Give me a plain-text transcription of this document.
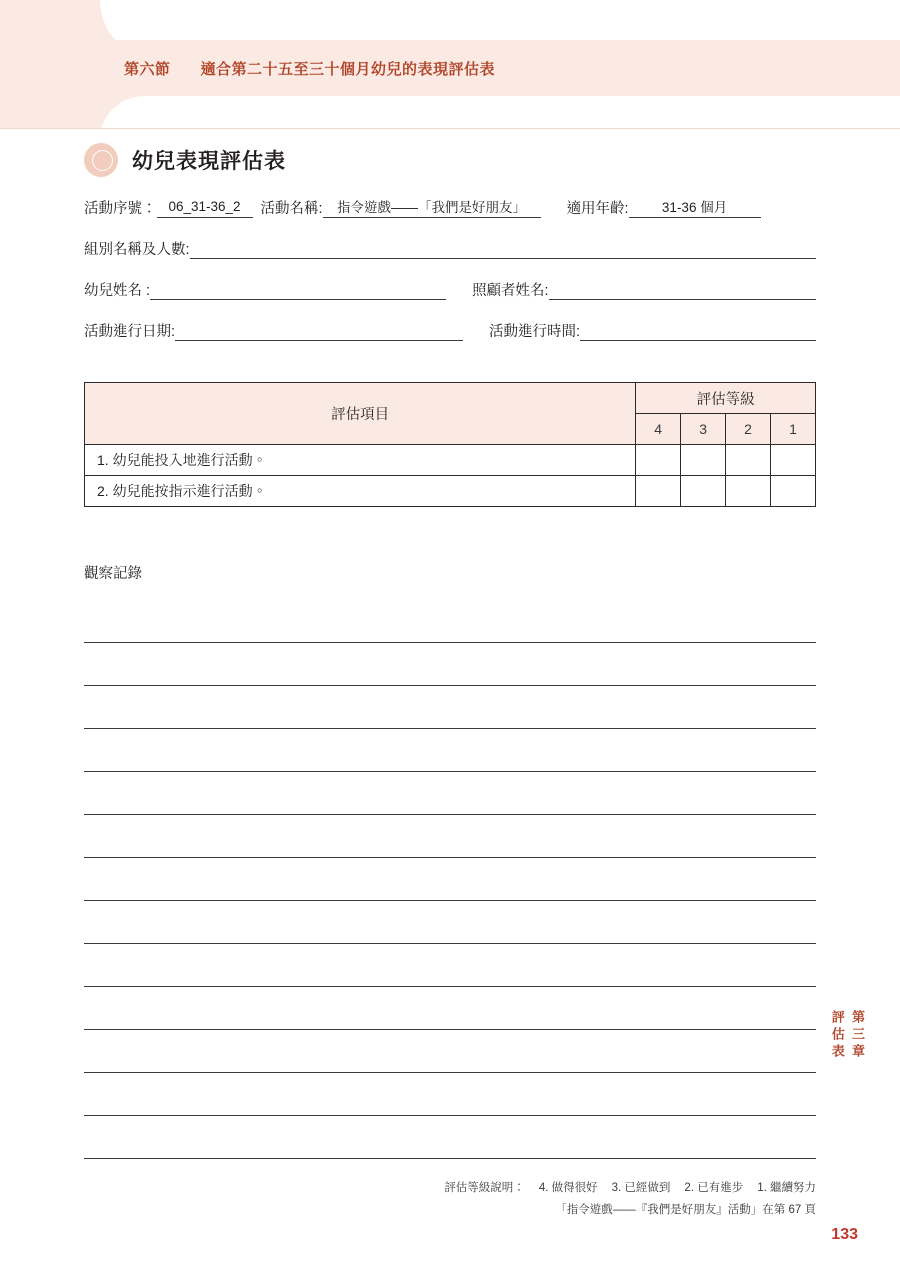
第六節 適合第二十五至三十個月幼兒的表現評估表
幼兒表現評估表
活動序號： 06_31-36_2	活動名稱:	指令遊戲——「我們是好朋友」	適用年齡:	31-36 個月
組別名稱及人數:
幼兒姓名 :	照顧者姓名:
活動進行日期:	活動進行時間:
評估項目	評估等級			
	4	3	2	1
1. 幼兒能投入地進行活動。				
2. 幼兒能按指示進行活動。				
觀察記錄
第三章
評估表
評估等級說明： 4. 做得很好 3. 已經做到 2. 已有進步 1. 繼續努力
「指令遊戲——『我們是好朋友』活動」在第 67 頁
133
